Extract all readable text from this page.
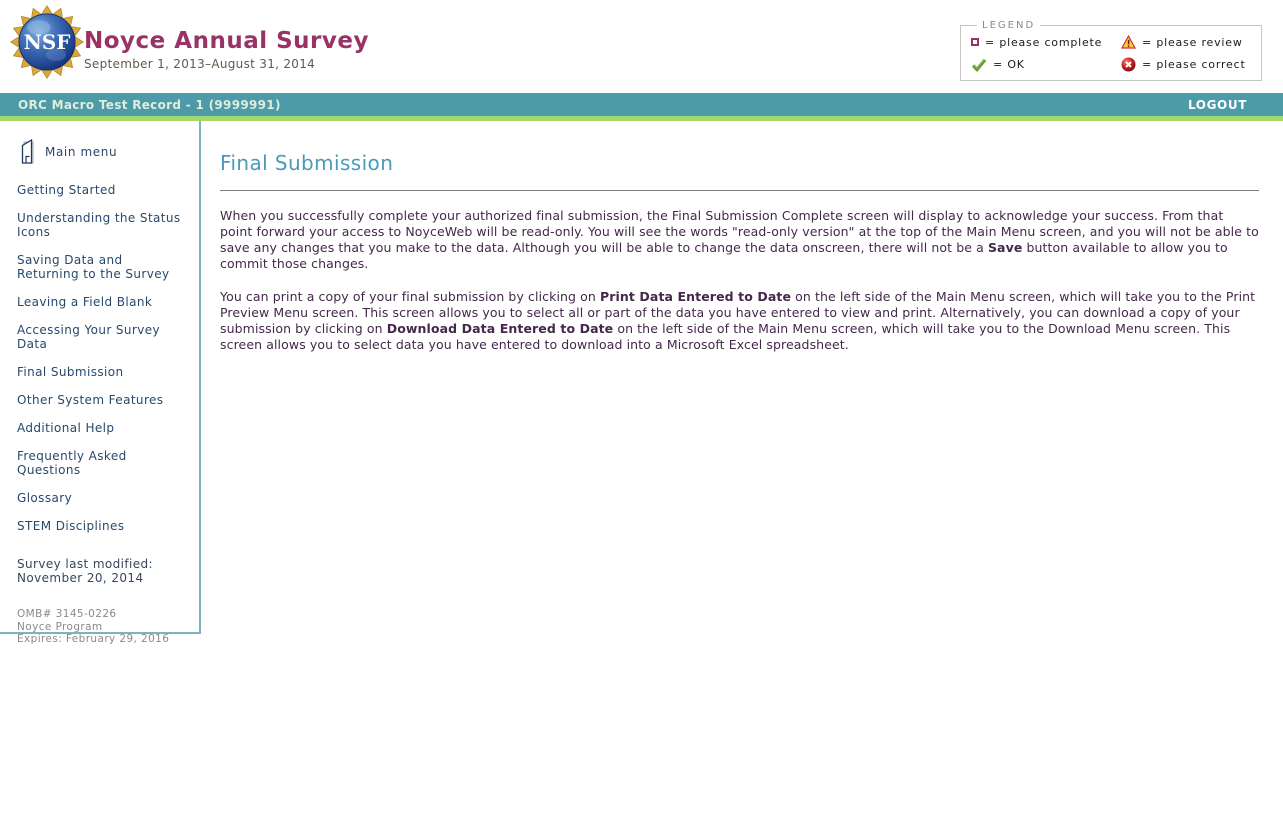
NSF Noyce Annual Survey
September 1, 2013–August 31, 2014
LEGEND
= please complete	= please review
= OK	= please correct
ORC Macro Test Record - 1 (9999991)	LOGOUT
Main menu
Getting Started
Understanding the Status Icons
Saving Data and Returning to the Survey
Leaving a Field Blank
Accessing Your Survey Data
Final Submission
Other System Features
Additional Help
Frequently Asked Questions
Glossary
STEM Disciplines
Survey last modified:
November 20, 2014
OMB# 3145-0226
Noyce Program
Expires: February 29, 2016
Final Submission

When you successfully complete your authorized final submission, the Final Submission Complete screen will display to acknowledge your success. From that point forward your access to NoyceWeb will be read-only. You will see the words "read-only version" at the top of the Main Menu screen, and you will not be able to save any changes that you make to the data. Although you will be able to change the data onscreen, there will not be a Save button available to allow you to commit those changes.

You can print a copy of your final submission by clicking on Print Data Entered to Date on the left side of the Main Menu screen, which will take you to the Print Preview Menu screen. This screen allows you to select all or part of the data you have entered to view and print. Alternatively, you can download a copy of your submission by clicking on Download Data Entered to Date on the left side of the Main Menu screen, which will take you to the Download Menu screen. This screen allows you to select data you have entered to download into a Microsoft Excel spreadsheet.
